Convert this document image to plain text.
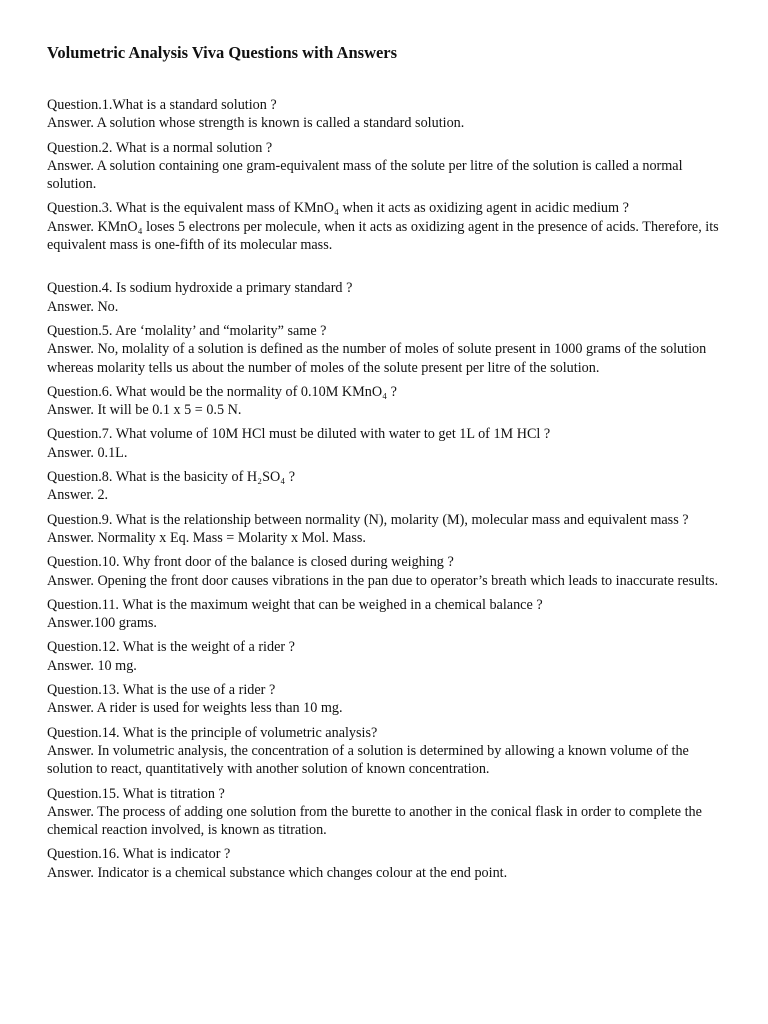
Volumetric Analysis Viva Questions with Answers
Question.1.What is a standard solution ?
Answer. A solution whose strength is known is called a standard solution.
Question.2. What is a normal solution ?
Answer. A solution containing one gram-equivalent mass of the solute per litre of the solution is called a normal solution.
Question.3. What is the equivalent mass of KMnO₄ when it acts as oxidizing agent in acidic medium ?
Answer. KMnO₄ loses 5 electrons per molecule, when it acts as oxidizing agent in the presence of acids. Therefore, its equivalent mass is one-fifth of its molecular mass.
Question.4. Is sodium hydroxide a primary standard ?
Answer. No.
Question.5. Are ‘molality’ and “molarity” same ?
Answer. No, molality of a solution is defined as the number of moles of solute present in 1000 grams of the solution whereas molarity tells us about the number of moles of the solute present per litre of the solution.
Question.6. What would be the normality of 0.10M KMnO₄ ?
Answer. It will be 0.1 x 5 = 0.5 N.
Question.7. What volume of 10M HCl must be diluted with water to get 1L of 1M HCl ?
Answer. 0.1L.
Question.8. What is the basicity of H₂SO₄ ?
Answer. 2.
Question.9. What is the relationship between normality (N), molarity (M), molecular mass and equivalent mass ?
Answer. Normality x Eq. Mass = Molarity x Mol. Mass.
Question.10. Why front door of the balance is closed during weighing ?
Answer. Opening the front door causes vibrations in the pan due to operator’s breath which leads to inaccurate results.
Question.11. What is the maximum weight that can be weighed in a chemical balance ?
Answer.100 grams.
Question.12. What is the weight of a rider ?
Answer. 10 mg.
Question.13. What is the use of a rider ?
Answer. A rider is used for weights less than 10 mg.
Question.14. What is the principle of volumetric analysis?
Answer. In volumetric analysis, the concentration of a solution is determined by allowing a known volume of the solution to react, quantitatively with another solution of known concentration.
Question.15. What is titration ?
Answer. The process of adding one solution from the burette to another in the conical flask in order to complete the chemical reaction involved, is known as titration.
Question.16. What is indicator ?
Answer. Indicator is a chemical substance which changes colour at the end point.
